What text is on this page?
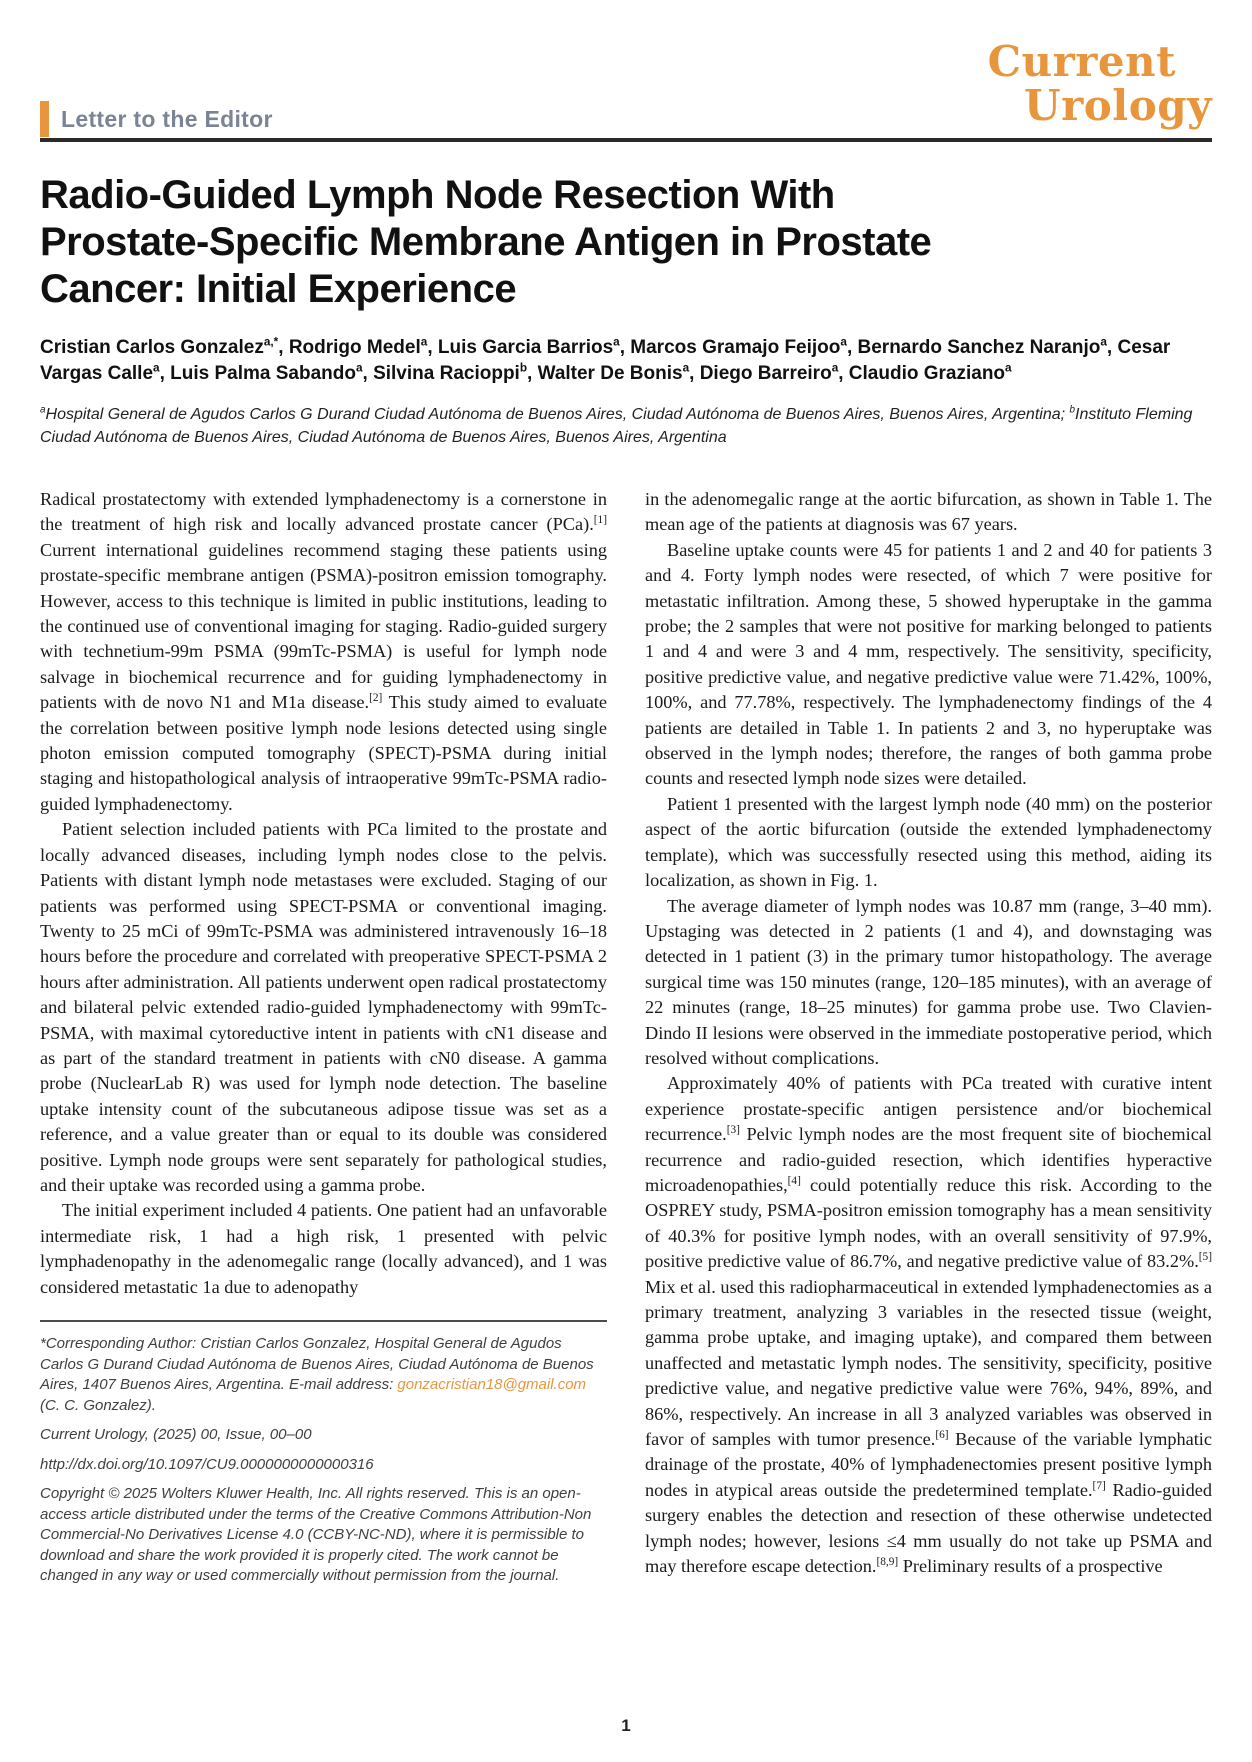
Current
Urology
Letter to the Editor
Radio-Guided Lymph Node Resection With
Prostate-Specific Membrane Antigen in Prostate
Cancer: Initial Experience
Cristian Carlos Gonzalez$^{a,*}$, Rodrigo Medel$^a$, Luis Garcia Barrios$^a$, Marcos Gramajo Feijoo$^a$, Bernardo Sanchez Naranjo$^a$, Cesar Vargas Calle$^a$, Luis Palma Sabando$^a$, Silvina Racioppi$^b$, Walter De Bonis$^a$, Diego Barreiro$^a$, Claudio Graziano$^a$
$^a$Hospital General de Agudos Carlos G Durand Ciudad Autónoma de Buenos Aires, Ciudad Autónoma de Buenos Aires, Buenos Aires, Argentina; $^b$Instituto Fleming Ciudad Autónoma de Buenos Aires, Ciudad Autónoma de Buenos Aires, Buenos Aires, Argentina

Radical prostatectomy with extended lymphadenectomy is a cornerstone in the treatment of high risk and locally advanced prostate cancer (PCa).[1] Current international guidelines recommend staging these patients using prostate-specific membrane antigen (PSMA)-positron emission tomography. However, access to this technique is limited in public institutions, leading to the continued use of conventional imaging for staging. Radio-guided surgery with technetium-99m PSMA (99mTc-PSMA) is useful for lymph node salvage in biochemical recurrence and for guiding lymphadenectomy in patients with de novo N1 and M1a disease.[2] This study aimed to evaluate the correlation between positive lymph node lesions detected using single photon emission computed tomography (SPECT)-PSMA during initial staging and histopathological analysis of intraoperative 99mTc-PSMA radio-guided lymphadenectomy.

Patient selection included patients with PCa limited to the prostate and locally advanced diseases, including lymph nodes close to the pelvis. Patients with distant lymph node metastases were excluded. Staging of our patients was performed using SPECT-PSMA or conventional imaging. Twenty to 25 mCi of 99mTc-PSMA was administered intravenously 16–18 hours before the procedure and correlated with preoperative SPECT-PSMA 2 hours after administration. All patients underwent open radical prostatectomy and bilateral pelvic extended radio-guided lymphadenectomy with 99mTc-PSMA, with maximal cytoreductive intent in patients with cN1 disease and as part of the standard treatment in patients with cN0 disease. A gamma probe (NuclearLab R) was used for lymph node detection. The baseline uptake intensity count of the subcutaneous adipose tissue was set as a reference, and a value greater than or equal to its double was considered positive. Lymph node groups were sent separately for pathological studies, and their uptake was recorded using a gamma probe.

The initial experiment included 4 patients. One patient had an unfavorable intermediate risk, 1 had a high risk, 1 presented with pelvic lymphadenopathy in the adenomegalic range (locally advanced), and 1 was considered metastatic 1a due to adenopathy

*Corresponding Author: Cristian Carlos Gonzalez, Hospital General de Agudos Carlos G Durand Ciudad Autónoma de Buenos Aires, Ciudad Autónoma de Buenos Aires, 1407 Buenos Aires, Argentina. E-mail address: gonzacristian18@gmail.com (C. C. Gonzalez).

Current Urology, (2025) 00, Issue, 00–00

http://dx.doi.org/10.1097/CU9.0000000000000316

Copyright © 2025 Wolters Kluwer Health, Inc. All rights reserved. This is an open-access article distributed under the terms of the Creative Commons Attribution-Non Commercial-No Derivatives License 4.0 (CCBY-NC-ND), where it is permissible to download and share the work provided it is properly cited. The work cannot be changed in any way or used commercially without permission from the journal.

in the adenomegalic range at the aortic bifurcation, as shown in Table 1. The mean age of the patients at diagnosis was 67 years.

Baseline uptake counts were 45 for patients 1 and 2 and 40 for patients 3 and 4. Forty lymph nodes were resected, of which 7 were positive for metastatic infiltration. Among these, 5 showed hyperuptake in the gamma probe; the 2 samples that were not positive for marking belonged to patients 1 and 4 and were 3 and 4 mm, respectively. The sensitivity, specificity, positive predictive value, and negative predictive value were 71.42%, 100%, 100%, and 77.78%, respectively. The lymphadenectomy findings of the 4 patients are detailed in Table 1. In patients 2 and 3, no hyperuptake was observed in the lymph nodes; therefore, the ranges of both gamma probe counts and resected lymph node sizes were detailed.

Patient 1 presented with the largest lymph node (40 mm) on the posterior aspect of the aortic bifurcation (outside the extended lymphadenectomy template), which was successfully resected using this method, aiding its localization, as shown in Fig. 1.

The average diameter of lymph nodes was 10.87 mm (range, 3–40 mm). Upstaging was detected in 2 patients (1 and 4), and downstaging was detected in 1 patient (3) in the primary tumor histopathology. The average surgical time was 150 minutes (range, 120–185 minutes), with an average of 22 minutes (range, 18–25 minutes) for gamma probe use. Two Clavien-Dindo II lesions were observed in the immediate postoperative period, which resolved without complications.

Approximately 40% of patients with PCa treated with curative intent experience prostate-specific antigen persistence and/or biochemical recurrence.[3] Pelvic lymph nodes are the most frequent site of biochemical recurrence and radio-guided resection, which identifies hyperactive microadenopathies,[4] could potentially reduce this risk. According to the OSPREY study, PSMA-positron emission tomography has a mean sensitivity of 40.3% for positive lymph nodes, with an overall sensitivity of 97.9%, positive predictive value of 86.7%, and negative predictive value of 83.2%.[5] Mix et al. used this radiopharmaceutical in extended lymphadenectomies as a primary treatment, analyzing 3 variables in the resected tissue (weight, gamma probe uptake, and imaging uptake), and compared them between unaffected and metastatic lymph nodes. The sensitivity, specificity, positive predictive value, and negative predictive value were 76%, 94%, 89%, and 86%, respectively. An increase in all 3 analyzed variables was observed in favor of samples with tumor presence.[6] Because of the variable lymphatic drainage of the prostate, 40% of lymphadenectomies present positive lymph nodes in atypical areas outside the predetermined template.[7] Radio-guided surgery enables the detection and resection of these otherwise undetected lymph nodes; however, lesions ≤4 mm usually do not take up PSMA and may therefore escape detection.[8,9] Preliminary results of a prospective

1
